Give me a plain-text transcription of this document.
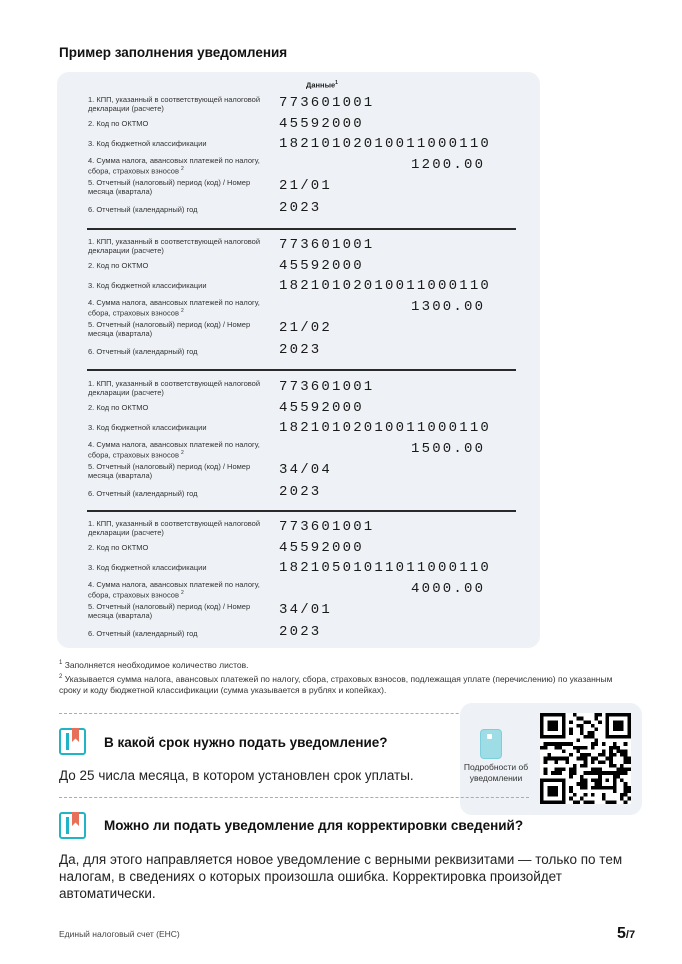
Пример заполнения уведомления
Данные$^1$
1. КПП, указанный в соответствующей налоговой декларации (расчете)	773601001
2. Код по ОКТМО	45592000
3. Код бюджетной классификации	18210102010011000110
4. Сумма налога, авансовых платежей по налогу, сбора, страховых взносов $^2$	1200.00
5. Отчетный (налоговый) период (код) / Номер месяца (квартала)	21/01
6. Отчетный (календарный) год	2023
1. КПП, указанный в соответствующей налоговой декларации (расчете)	773601001
2. Код по ОКТМО	45592000
3. Код бюджетной классификации	18210102010011000110
4. Сумма налога, авансовых платежей по налогу, сбора, страховых взносов $^2$	1300.00
5. Отчетный (налоговый) период (код) / Номер месяца (квартала)	21/02
6. Отчетный (календарный) год	2023
1. КПП, указанный в соответствующей налоговой декларации (расчете)	773601001
2. Код по ОКТМО	45592000
3. Код бюджетной классификации	18210102010011000110
4. Сумма налога, авансовых платежей по налогу, сбора, страховых взносов $^2$	1500.00
5. Отчетный (налоговый) период (код) / Номер месяца (квартала)	34/04
6. Отчетный (календарный) год	2023
1. КПП, указанный в соответствующей налоговой декларации (расчете)	773601001
2. Код по ОКТМО	45592000
3. Код бюджетной классификации	18210501011011000110
4. Сумма налога, авансовых платежей по налогу, сбора, страховых взносов $^2$	4000.00
5. Отчетный (налоговый) период (код) / Номер месяца (квартала)	34/01
6. Отчетный (календарный) год	2023
$^1$ Заполняется необходимое количество листов.
$^2$ Указывается сумма налога, авансовых платежей по налогу, сбора, страховых взносов, подлежащая уплате (перечислению) по указанным сроку и коду бюджетной классификации (сумма указывается в рублях и копейках).
В какой срок нужно подать уведомление?
До 25 числа месяца, в котором установлен срок уплаты.
Подробности об уведомлении
Можно ли подать уведомление для корректировки сведений?
Да, для этого направляется новое уведомление с верными реквизитами — только по тем налогам, в сведениях о которых произошла ошибка. Корректировка произойдет автоматически.
Единый налоговый счет (ЕНС)	5/7
